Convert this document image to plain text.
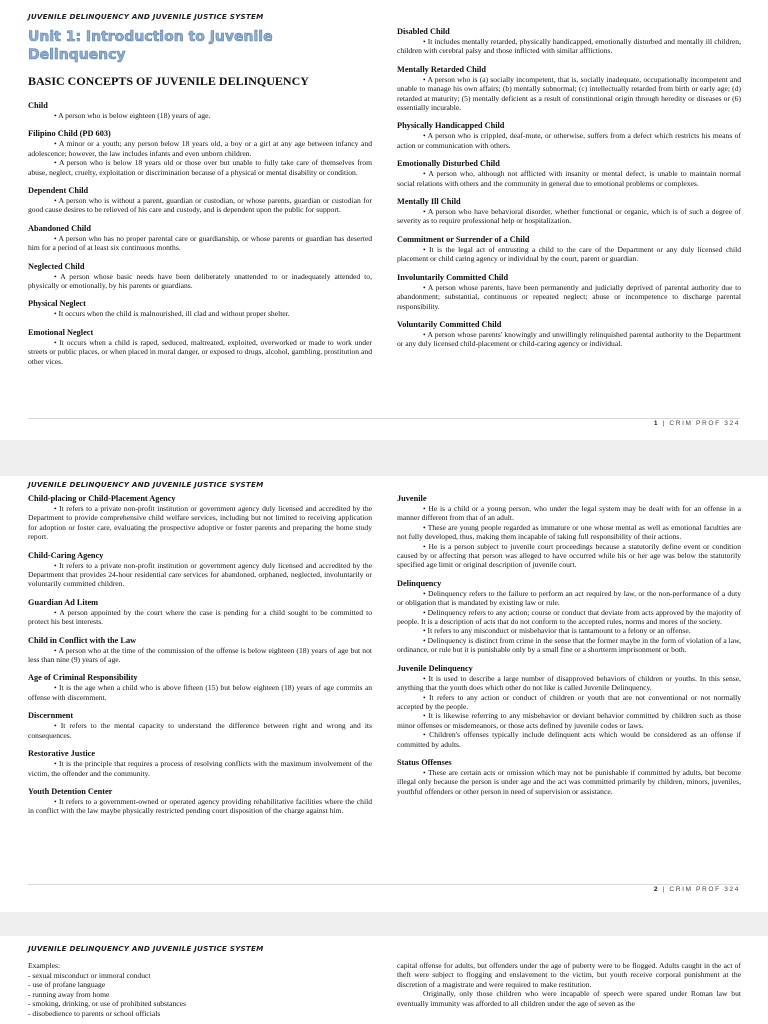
JUVENILE DELINQUENCY AND JUVENILE JUSTICE SYSTEM
Unit 1: Introduction to Juvenile Delinquency
BASIC CONCEPTS OF JUVENILE DELINQUENCY
Child
• A person who is below eighteen (18) years of age.
Filipino Child (PD 603)
• A minor or a youth; any person below 18 years old, a boy or a girl at any age between infancy and adolescence; however, the law includes infants and even unborn children.
• A person who is below 18 years old or those over but unable to fully take care of themselves from abuse, neglect, cruelty, exploitation or discrimination because of a physical or mental disability or condition.
Dependent Child
• A person who is without a parent, guardian or custodian, or whose parents, guardian or custodian for good cause desires to be relieved of his care and custody, and is dependent upon the public for support.
Abandoned Child
• A person who has no proper parental care or guardianship, or whose parents or guardian has deserted him for a period of at least six continuous months.
Neglected Child
• A person whose basic needs have been deliberately unattended to or inadequately attended to, physically or emotionally, by his parents or guardians.
Physical Neglect
• It occurs when the child is malnourished, ill clad and without proper shelter.
Emotional Neglect
• It occurs when a child is raped, seduced, maltreated, exploited, overworked or made to work under streets or public places, or when placed in moral danger, or exposed to drugs, alcohol, gambling, prostitution and other vices.
Disabled Child
• It includes mentally retarded, physically handicapped, emotionally disturbed and mentally ill children, children with cerebral palsy and those inflicted with similar afflictions.
Mentally Retarded Child
• A person who is (a) socially incompetent, that is, socially inadequate, occupationally incompetent and unable to manage his own affairs; (b) mentally subnormal; (c) intellectually retarded from birth or early age; (d) retarded at maturity; (5) mentally deficient as a result of constitutional origin through heredity or diseases or (6) essentially incurable.
Physically Handicapped Child
• A person who is crippled, deaf-mute, or otherwise, suffers from a defect which restricts his means of action or communication with others.
Emotionally Disturbed Child
• A person who, although not afflicted with insanity or mental defect, is unable to maintain normal social relations with others and the community in general due to emotional problems or complexes.
Mentally Ill Child
• A person who have behavioral disorder, whether functional or organic, which is of such a degree of severity as to require professional help or hospitalization.
Commitment or Surrender of a Child
• It is the legal act of entrusting a child to the care of the Department or any duly licensed child placement or child caring agency or individual by the court, parent or guardian.
Involuntarily Committed Child
• A person whose parents, have been permanently and judicially deprived of parental authority due to abandonment; substantial, continuous or repeated neglect; abuse or incompetence to discharge parental responsibility.
Voluntarily Committed Child
• A person whose parents' knowingly and unwillingly relinquished parental authority to the Department or any duly licensed child-placement or child-caring agency or individual.
1 | CRIM PROF 324
JUVENILE DELINQUENCY AND JUVENILE JUSTICE SYSTEM
Child-placing or Child-Placement Agency
• It refers to a private non-profit institution or government agency duly licensed and accredited by the Department to provide comprehensive child welfare services, including but not limited to receiving application for adoption or foster care, evaluating the prospective adoptive or foster parents and preparing the home study report.
Child-Caring Agency
• It refers to a private non-profit institution or government agency duly licensed and accredited by the Department that provides 24-hour residential care services for abandoned, orphaned, neglected, involuntarily or voluntarily committed children.
Guardian Ad Litem
• A person appointed by the court where the case is pending for a child sought to be committed to protect his best interests.
Child in Conflict with the Law
• A person who at the time of the commission of the offense is below eighteen (18) years of age but not less than nine (9) years of age.
Age of Criminal Responsibility
• It is the age when a child who is above fifteen (15) but below eighteen (18) years of age commits an offense with discernment.
Discernment
• It refers to the mental capacity to understand the difference between right and wrong and its consequences.
Restorative Justice
• It is the principle that requires a process of resolving conflicts with the maximum involvement of the victim, the offender and the community.
Youth Detention Center
• It refers to a government-owned or operated agency providing rehabilitative facilities where the child in conflict with the law maybe physically restricted pending court disposition of the charge against him.
Juvenile
• He is a child or a young person, who under the legal system may be dealt with for an offense in a manner different from that of an adult.
• These are young people regarded as immature or one whose mental as well as emotional faculties are not fully developed, thus, making them incapable of taking full responsibility of their actions.
• He is a person subject to juvenile court proceedings because a statutorily define event or condition caused by or affecting that person was alleged to have occurred while his or her age was below the statutorily specified age limit or original description of juvenile court.
Delinquency
• Delinquency refers to the failure to perform an act required by law, or the non-performance of a duty or obligation that is mandated by existing law or rule.
• Delinquency refers to any action; course or conduct that deviate from acts approved by the majority of people. It is a description of acts that do not conform to the accepted rules, norms and mores of the society.
• It refers to any misconduct or misbehavior that is tantamount to a felony or an offense.
• Delinquency is distinct from crime in the sense that the former maybe in the form of violation of a law, ordinance, or rule but it is punishable only by a small fine or a shortterm imprisonment or both.
Juvenile Delinquency
• It is used to describe a large number of disapproved behaviors of children or youths. In this sense, anything that the youth does which other do not like is called Juvenile Delinquency.
• It refers to any action or conduct of children or youth that are not conventional or not normally accepted by the people.
• It is likewise referring to any misbehavior or deviant behavior committed by children such as those minor offenses or misdemeanors, or those acts defined by juvenile codes or laws.
• Children's offenses typically include delinquent acts which would be considered as an offense if committed by adults.
Status Offenses
• These are certain acts or omission which may not be punishable if committed by adults, but become illegal only because the person is under age and the act was committed primarily by children, minors, juveniles, youthful offenders or other person in need of supervision or assistance.
2 | CRIM PROF 324
JUVENILE DELINQUENCY AND JUVENILE JUSTICE SYSTEM
Examples:
- sexual misconduct or immoral conduct
- use of profane language
- running away from home
- smoking, drinking, or use of prohibited substances
- disobedience to parents or school officials
capital offense for adults, but offenders under the age of puberty were to be flogged. Adults caught in the act of theft were subject to flogging and enslavement to the victim, but youth receive corporal punishment at the discretion of a magistrate and were required to make restitution.
Originally, only those children who were incapable of speech were spared under Roman law but eventually immunity was afforded to all children under the age of seven as the
